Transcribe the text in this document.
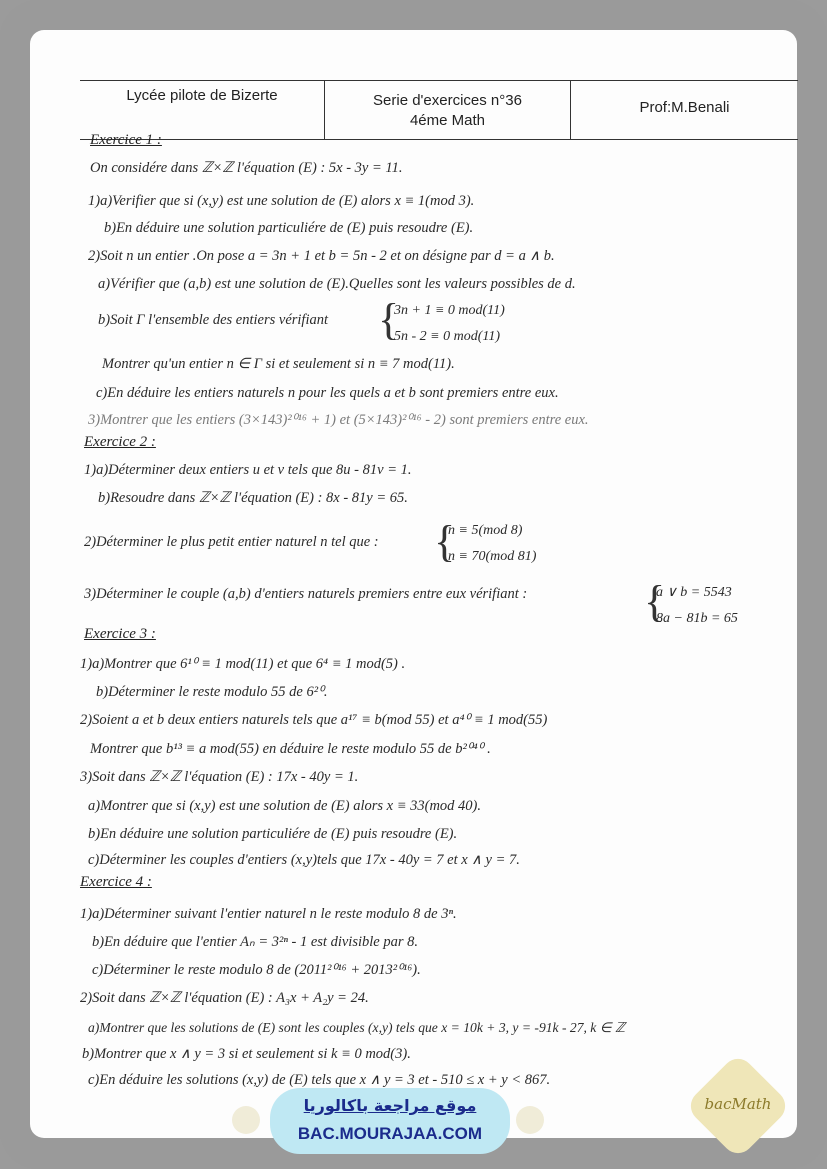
Lycée pilote de Bizerte	Serie d'exercices n°36
4éme Math
Prof:M.Benali
Exercice 1 :
On considére dans ℤ×ℤ l'équation (E) : 5x - 3y = 11.
1)a)Verifier que si (x,y) est une solution de (E) alors x ≡ 1(mod 3).
b)En déduire une solution particuliére de (E) puis resoudre (E).
2)Soit n un entier .On pose a = 3n + 1 et b = 5n - 2 et on désigne par d = a ∧ b.
a)Vérifier que (a,b) est une solution de (E).Quelles sont les valeurs possibles de d.
b)Soit Γ l'ensemble des entiers vérifiant {
3n + 1 ≡ 0 mod(11)
5n - 2 ≡ 0 mod(11)
Montrer qu'un entier n ∈ Γ si et seulement si n ≡ 7 mod(11).
c)En déduire les entiers naturels n pour les quels a et b sont premiers entre eux.
3)Montrer que les entiers (3×143)²⁰¹⁶ + 1) et (5×143)²⁰¹⁶ - 2) sont premiers entre eux.
Exercice 2 :
1)a)Déterminer deux entiers u et v tels que 8u - 81v = 1.
b)Resoudre dans ℤ×ℤ l'équation (E) : 8x - 81y = 65.
2)Déterminer le plus petit entier naturel n tel que : {
n ≡ 5(mod 8)
n ≡ 70(mod 81)
3)Déterminer le couple (a,b) d'entiers naturels premiers entre eux vérifiant :	{
a ∨ b = 5543
8a − 81b = 65
Exercice 3 :
1)a)Montrer que 6¹⁰ ≡ 1 mod(11) et que 6⁴ ≡ 1 mod(5) .
b)Déterminer le reste modulo 55 de 6²⁰.
2)Soient a et b deux entiers naturels tels que a¹⁷ ≡ b(mod 55) et a⁴⁰ ≡ 1 mod(55)
Montrer que b¹³ ≡ a mod(55) en déduire le reste modulo 55 de b²⁰⁴⁰ .
3)Soit dans ℤ×ℤ l'équation (E) : 17x - 40y = 1.
a)Montrer que si (x,y) est une solution de (E) alors x ≡ 33(mod 40).
b)En déduire une solution particuliére de (E) puis resoudre (E).
c)Déterminer les couples d'entiers (x,y)tels que 17x - 40y = 7 et x ∧ y = 7.
Exercice 4 :
1)a)Déterminer suivant l'entier naturel n le reste modulo 8 de 3ⁿ.
b)En déduire que l'entier Aₙ = 3²ⁿ - 1 est divisible par 8.
c)Déterminer le reste modulo 8 de (2011²⁰¹⁶ + 2013²⁰¹⁶).
2)Soit dans ℤ×ℤ l'équation (E) : A₃x + A₂y = 24.
a)Montrer que les solutions de (E) sont les couples (x,y) tels que x = 10k + 3, y = -91k - 27, k ∈ ℤ
b)Montrer que x ∧ y = 3 si et seulement si k ≡ 0 mod(3).
c)En déduire les solutions (x,y) de (E) tels que x ∧ y = 3 et - 510 ≤ x + y < 867.
موقع مراجعة باكالوريا
BAC.MOURAJAA.COM
bacMath
